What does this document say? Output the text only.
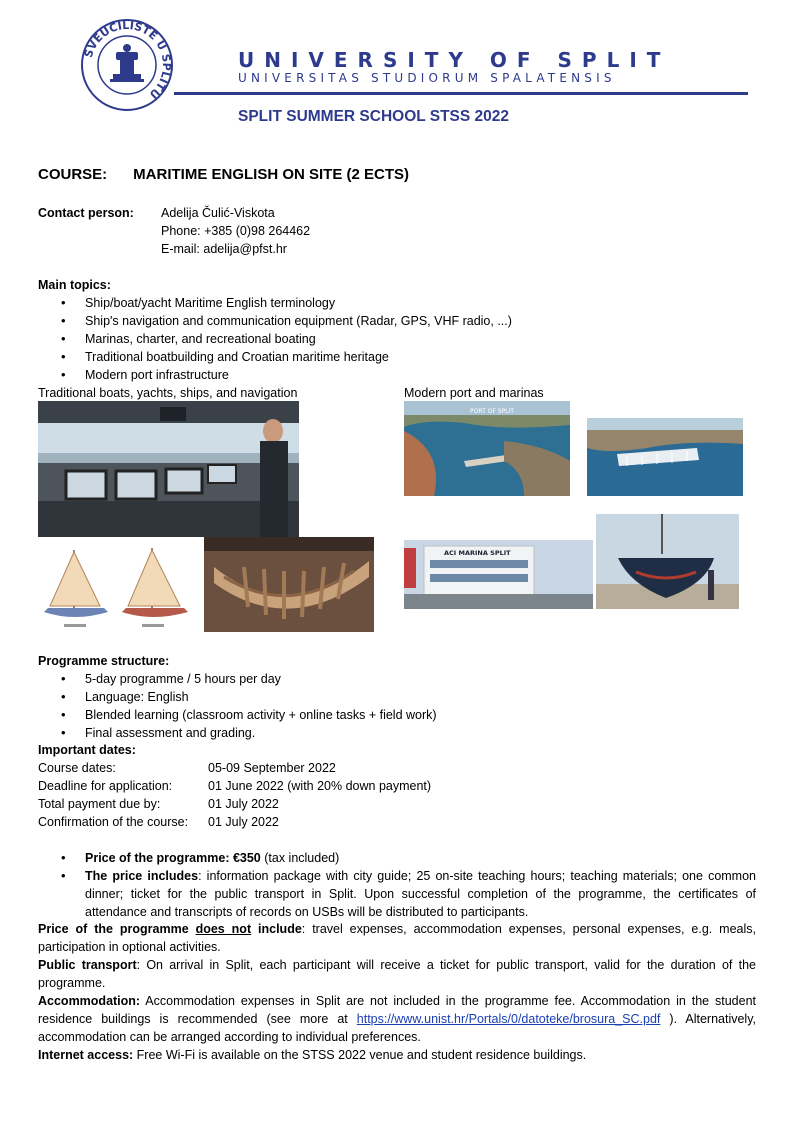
SVEUČILIŠTE U SPLITU
UNIVERSITY OF SPLIT
UNIVERSITAS STUDIORUM SPALATENSIS
SPLIT SUMMER SCHOOL STSS 2022
COURSE: MARITIME ENGLISH ON SITE (2 ECTS)
Contact person: Adelija Čulić-Viskota
Phone: +385 (0)98 264462
E-mail: adelija@pfst.hr
Main topics:
• Ship/boat/yacht Maritime English terminology
• Ship's navigation and communication equipment (Radar, GPS, VHF radio, ...)
• Marinas, charter, and recreational boating
• Traditional boatbuilding and Croatian maritime heritage
• Modern port infrastructure
Traditional boats, yachts, ships, and navigation	Modern port and marinas
PORT OF SPLIT
ACI MARINA SPLIT
Programme structure:
• 5-day programme / 5 hours per day
• Language: English
• Blended learning (classroom activity + online tasks + field work)
• Final assessment and grading.
Important dates:
Course dates:	05-09 September 2022
Deadline for application:	01 June 2022 (with 20% down payment)
Total payment due by:	01 July 2022
Confirmation of the course: 01 July 2022
• Price of the programme: €350 (tax included)
• The price includes: information package with city guide; 25 on-site teaching hours; teaching materials; one common dinner; ticket for the public transport in Split. Upon successful completion of the programme, the certificates of attendance and transcripts of records on USBs will be distributed to participants.
Price of the programme does not include: travel expenses, accommodation expenses, personal expenses, e.g. meals, participation in optional activities.
Public transport: On arrival in Split, each participant will receive a ticket for public transport, valid for the duration of the programme.
Accommodation: Accommodation expenses in Split are not included in the programme fee. Accommodation in the student residence buildings is recommended (see more at https://www.unist.hr/Portals/0/datoteke/brosura_SC.pdf ). Alternatively, accommodation can be arranged according to individual preferences.
Internet access: Free Wi-Fi is available on the STSS 2022 venue and student residence buildings.
